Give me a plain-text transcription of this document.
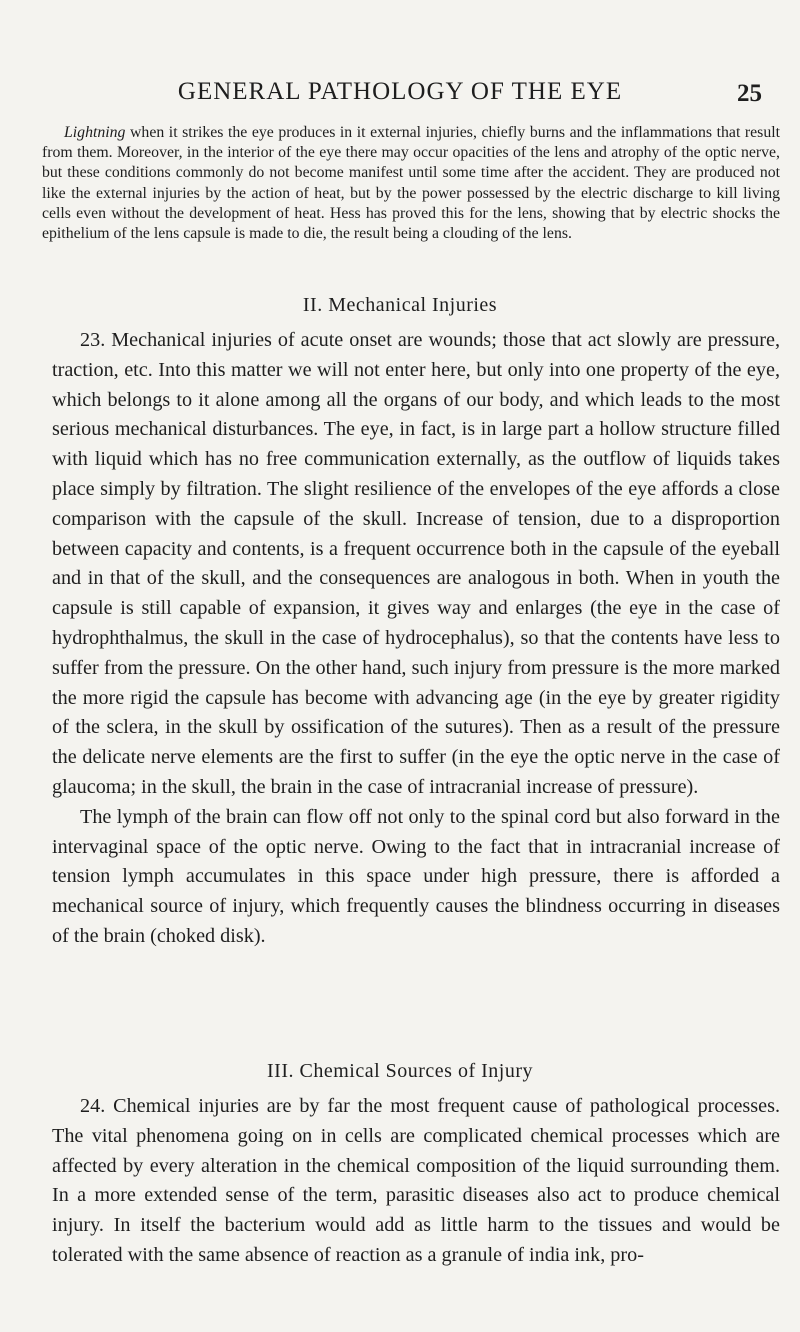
GENERAL PATHOLOGY OF THE EYE	25

Lightning when it strikes the eye produces in it external injuries, chiefly burns and the inflammations that result from them. Moreover, in the interior of the eye there may occur opacities of the lens and atrophy of the optic nerve, but these conditions commonly do not become manifest until some time after the accident. They are produced not like the external injuries by the action of heat, but by the power possessed by the electric discharge to kill living cells even without the development of heat. Hess has proved this for the lens, showing that by electric shocks the epithelium of the lens capsule is made to die, the result being a clouding of the lens.

II. Mechanical Injuries

23. Mechanical injuries of acute onset are wounds; those that act slowly are pressure, traction, etc. Into this matter we will not enter here, but only into one property of the eye, which belongs to it alone among all the organs of our body, and which leads to the most serious mechanical disturbances. The eye, in fact, is in large part a hollow structure filled with liquid which has no free communication externally, as the outflow of liquids takes place simply by filtration. The slight resilience of the envelopes of the eye affords a close comparison with the capsule of the skull. Increase of tension, due to a disproportion between capacity and contents, is a frequent occurrence both in the capsule of the eyeball and in that of the skull, and the consequences are analogous in both. When in youth the capsule is still capable of expansion, it gives way and enlarges (the eye in the case of hydrophthalmus, the skull in the case of hydrocephalus), so that the contents have less to suffer from the pressure. On the other hand, such injury from pressure is the more marked the more rigid the capsule has become with advancing age (in the eye by greater rigidity of the sclera, in the skull by ossification of the sutures). Then as a result of the pressure the delicate nerve elements are the first to suffer (in the eye the optic nerve in the case of glaucoma; in the skull, the brain in the case of intracranial increase of pressure).

The lymph of the brain can flow off not only to the spinal cord but also forward in the intervaginal space of the optic nerve. Owing to the fact that in intracranial increase of tension lymph accumulates in this space under high pressure, there is afforded a mechanical source of injury, which frequently causes the blindness occurring in diseases of the brain (choked disk).

III. Chemical Sources of Injury

24. Chemical injuries are by far the most frequent cause of pathological processes. The vital phenomena going on in cells are complicated chemical processes which are affected by every alteration in the chemical composition of the liquid surrounding them. In a more extended sense of the term, parasitic diseases also act to produce chemical injury. In itself the bacterium would add as little harm to the tissues and would be tolerated with the same absence of reaction as a granule of india ink, pro-
